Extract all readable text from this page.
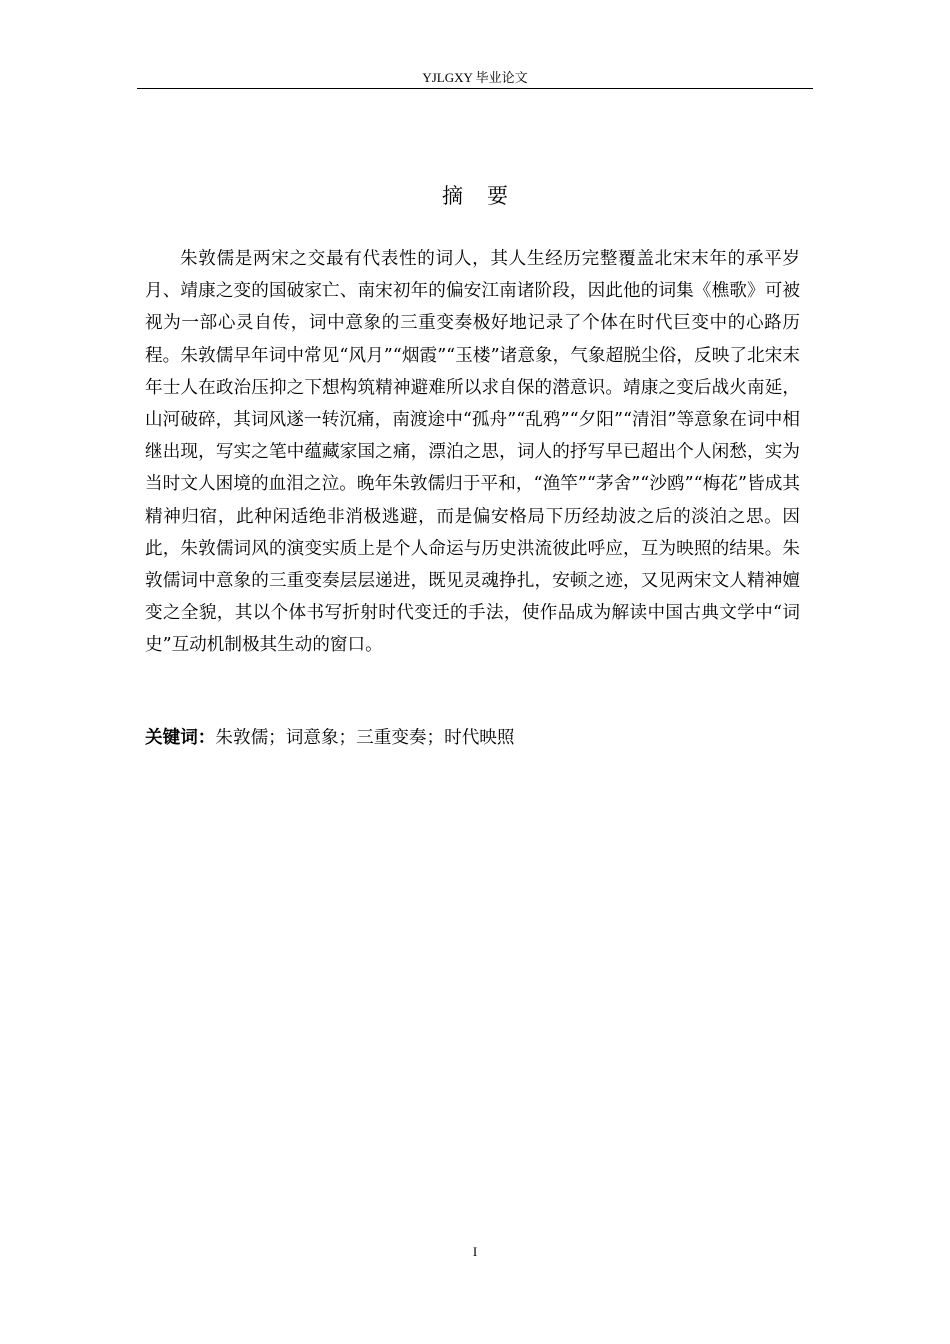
YJLGXY 毕业论文
摘要

朱敦儒是两宋之交最有代表性的词人，其人生经历完整覆盖北宋末年的承平岁月、靖康之变的国破家亡、南宋初年的偏安江南诸阶段，因此他的词集《樵歌》可被视为一部心灵自传，词中意象的三重变奏极好地记录了个体在时代巨变中的心路历程。朱敦儒早年词中常见“风月”“烟霞”“玉楼”诸意象，气象超脱尘俗，反映了北宋末年士人在政治压抑之下想构筑精神避难所以求自保的潜意识。靖康之变后战火南延，山河破碎，其词风遂一转沉痛，南渡途中“孤舟”“乱鸦”“夕阳”“清泪”等意象在词中相继出现，写实之笔中蕴藏家国之痛，漂泊之思，词人的抒写早已超出个人闲愁，实为当时文人困境的血泪之泣。晚年朱敦儒归于平和，“渔竿”“茅舍”“沙鸥”“梅花”皆成其精神归宿，此种闲适绝非消极逃避，而是偏安格局下历经劫波之后的淡泊之思。因此，朱敦儒词风的演变实质上是个人命运与历史洪流彼此呼应，互为映照的结果。朱敦儒词中意象的三重变奏层层递进，既见灵魂挣扎，安顿之迹，又见两宋文人精神嬗变之全貌，其以个体书写折射时代变迁的手法，使作品成为解读中国古典文学中“词史”互动机制极其生动的窗口。

关键词：朱敦儒；词意象；三重变奏；时代映照

I
